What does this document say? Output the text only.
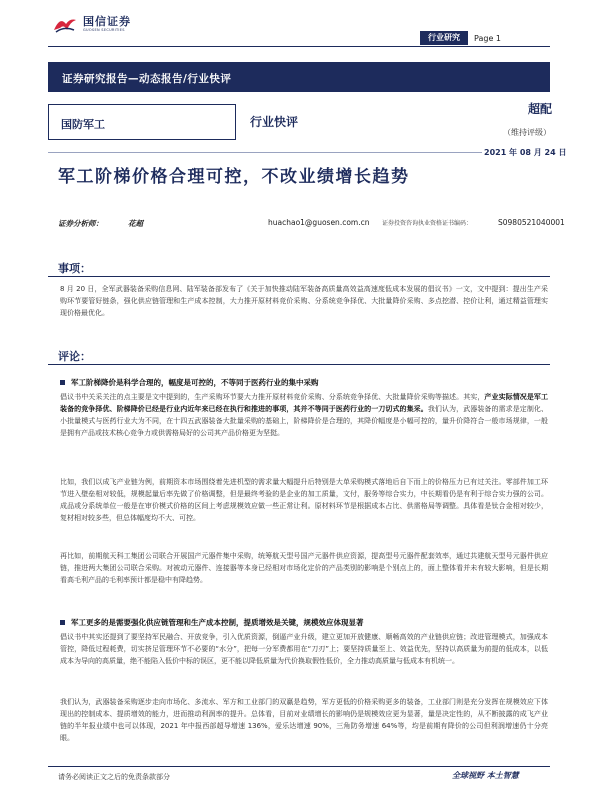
国信证券
GUOSEN SECURITIES
行业研究	Page 1
证券研究报告—动态报告/行业快评
国防军工	行业快评
超配
（维持评级）
2021 年 08 月 24 日
军工阶梯价格合理可控，不改业绩增长趋势
证券分析师：	花超	huachao1@guosen.com.cn 证券投资咨询执业资格证书编码：	S0980521040001
事项：

8 月 20 日，全军武器装备采购信息网、陆军装备部发布了《关于加快推动陆军装备高质量高效益高速度低成本发展的倡议书》一文，文中提到：提出生产采购环节要管好链条，强化供应链管理和生产成本控制，大力推开原材料竞价采购、分系统竞争择优、大批量降价采购、多点挖潜、控价让利，通过精益管理实现价格最优化。

评论：
军工阶梯降价是科学合理的，幅度是可控的，不等同于医药行业的集中采购

倡议书中关采关注的点主要是文中提到的，生产采购环节要大力推开原材料竞价采购、分系统竞争择优、大批量降价采购等描述。其实，产业实际情况是军工装备的竞争择优、阶梯降价已经是行业内近年来已经在执行和推进的事项，其并不等同于医药行业的一刀切式的集采。我们认为，武器装备的需求是定制化、小批量模式与医药行业大为不同，在十四五武器装备大批量采购的基础上，阶梯降价是合理的，其降价幅度是小幅可控的，量升价降符合一般市场规律，一般是拥有产品或技术核心竞争力或供需格局好的公司其产品价格更为坚挺。

比如，我们以成飞产业链为例，前期资本市场围绕着先进机型的需求量大幅提升后特别是大单采购模式落地后自下而上的价格压力已有过关注。零部件加工环节进入壁垒相对较低，规模起量后率先做了价格调整，但是最终考验的是企业的加工质量，文付，服务等综合实力，中长期看仍是有利于综合实力强的公司。成品或分系统单位一般是在审价模式价格的区间上考虑规模效应做一些正常让利。原材料环节是根据成本占比、供需格局等调整。具体看是钛合金相对较少，复材相对较多些，但总体幅度均不大、可控。

再比如，前期航天科工集团公司联合开展国产元器件集中采购，统筹航天型号国产元器件供应资源，提高型号元器件配套效率，通过共建航天型号元器件供应链，推进两大集团公司联合采购。对被动元器件、连接器等本身已经相对市场化定价的产品类别的影响是个别点上的，面上整体看并未有较大影响，但是长期看高毛利产品的毛利率预计都是稳中有降趋势。

军工更多的是需要强化供应链管理和生产成本控制，提质增效是关键，规模效应体现显著

倡议书中其实还提到了要坚持军民融合、开放竞争，引入优质资源，倒逼产业升级，建立更加开放健康、顺畅高效的产业链供应链；改进管理模式，加强成本管控，降低过程耗费，切实挤足管理环节不必要的“水分”，把每一分军费都用在“刀刃”上；要坚持质量至上、效益优先，坚持以高质量为前提的低成本，以低成本为导向的高质量，绝不能陷入低价中标的误区，更不能以降低质量为代价换取假性低价，全力推动高质量与低成本有机统一。

我们认为，武器装备采购逐步走向市场化、多流水、军方和工业部门的双赢是趋势，军方更低的价格采购更多的装备，工业部门则是充分发挥在规模效应下体现出的控制成本、提质增效的能力，进而推动利润率的提升。总体看，目前对业绩增长的影响仍是规模效应更为显著，量是决定性的，从不断披露的成飞产业链的半年报业绩中也可以体现，2021 年中报西部超导增速 136%，爱乐达增速 90%，三角防务增速 64%等，均是前期有降价的公司但利润增速仍十分亮眼。

请务必阅读正文之后的免责条款部分	全球视野 本土智慧
